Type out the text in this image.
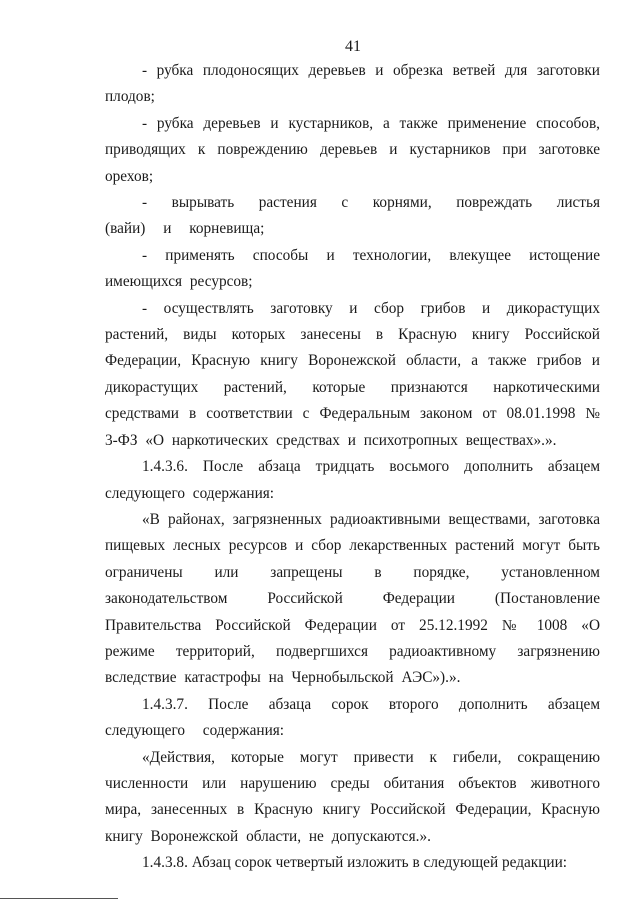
41

- рубка плодоносящих деревьев и обрезка ветвей для заготовки плодов;

- рубка деревьев и кустарников, а также применение способов, приводящих к повреждению деревьев и кустарников при заготовке орехов;

- вырывать растения с корнями, повреждать листья (вайи) и корневища;

- применять способы и технологии, влекущее истощение имеющихся ресурсов;

- осуществлять заготовку и сбор грибов и дикорастущих растений, виды которых занесены в Красную книгу Российской Федерации, Красную книгу Воронежской области, а также грибов и дикорастущих растений, которые признаются наркотическими средствами в соответствии с Федеральным законом от 08.01.1998 № 3-ФЗ «О наркотических средствах и психотропных веществах».».

1.4.3.6. После абзаца тридцать восьмого дополнить абзацем следующего содержания:

«В районах, загрязненных радиоактивными веществами, заготовка пищевых лесных ресурсов и сбор лекарственных растений могут быть ограничены или запрещены в порядке, установленном законодательством Российской Федерации (Постановление Правительства Российской Федерации от 25.12.1992 № 1008 «О режиме территорий, подвергшихся радиоактивному загрязнению вследствие катастрофы на Чернобыльской АЭС»).».

1.4.3.7. После абзаца сорок второго дополнить абзацем следующего содержания:

«Действия, которые могут привести к гибели, сокращению численности или нарушению среды обитания объектов животного мира, занесенных в Красную книгу Российской Федерации, Красную книгу Воронежской области, не допускаются.».

1.4.3.8. Абзац сорок четвертый изложить в следующей редакции:
